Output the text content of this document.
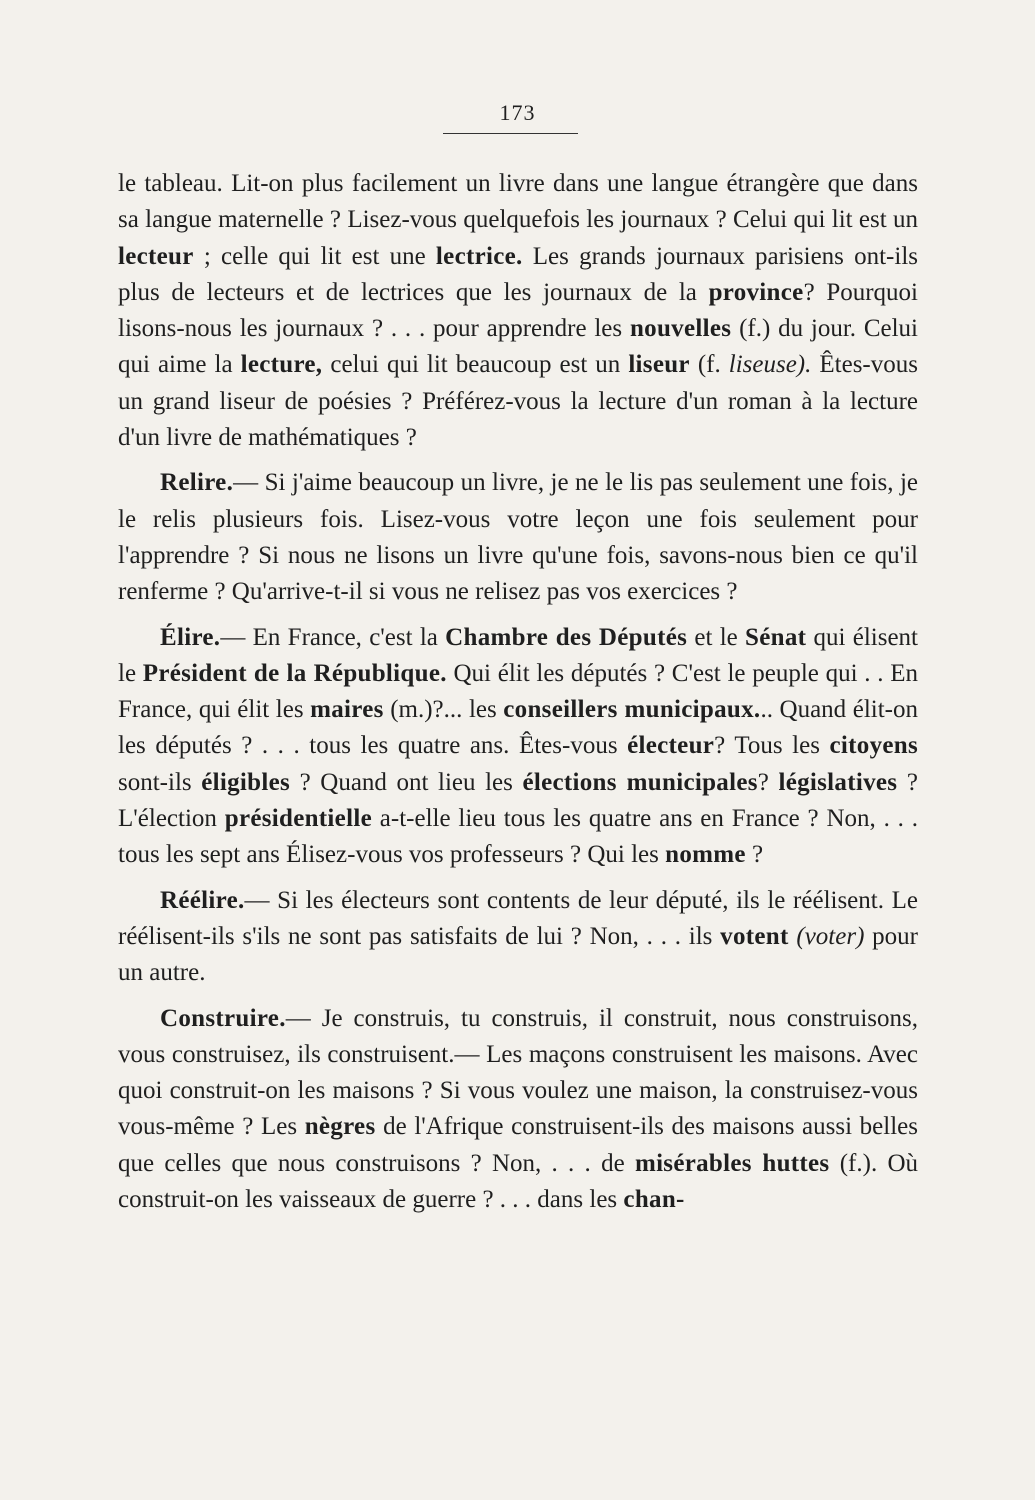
173

le tableau. Lit-on plus facilement un livre dans une langue étrangère que dans sa langue maternelle ? Lisez-vous quelquefois les journaux ? Celui qui lit est un lecteur ; celle qui lit est une lectrice. Les grands journaux parisiens ont-ils plus de lecteurs et de lectrices que les journaux de la province? Pourquoi lisons-nous les journaux ? . . . pour apprendre les nouvelles (f.) du jour. Celui qui aime la lecture, celui qui lit beaucoup est un liseur (f. liseuse). Êtes-vous un grand liseur de poésies ? Préférez-vous la lecture d'un roman à la lecture d'un livre de mathématiques ?

Relire.— Si j'aime beaucoup un livre, je ne le lis pas seulement une fois, je le relis plusieurs fois. Lisez-vous votre leçon une fois seulement pour l'apprendre ? Si nous ne lisons un livre qu'une fois, savons-nous bien ce qu'il renferme ? Qu'arrive-t-il si vous ne relisez pas vos exercices ?

Élire.— En France, c'est la Chambre des Députés et le Sénat qui élisent le Président de la République. Qui élit les députés ? C'est le peuple qui . . En France, qui élit les maires (m.)?... les conseillers municipaux... Quand élit-on les députés ? . . . tous les quatre ans. Êtes-vous électeur? Tous les citoyens sont-ils éligibles ? Quand ont lieu les élections municipales? législatives ? L'élection présidentielle a-t-elle lieu tous les quatre ans en France ? Non, . . . tous les sept ans Élisez-vous vos professeurs ? Qui les nomme ?

Réélire.— Si les électeurs sont contents de leur député, ils le réélisent. Le réélisent-ils s'ils ne sont pas satisfaits de lui ? Non, . . . ils votent (voter) pour un autre.

Construire.— Je construis, tu construis, il construit, nous construisons, vous construisez, ils construisent.— Les maçons construisent les maisons. Avec quoi construit-on les maisons ? Si vous voulez une maison, la construisez-vous vous-même ? Les nègres de l'Afrique construisent-ils des maisons aussi belles que celles que nous construisons ? Non, . . . de misérables huttes (f.). Où construit-on les vaisseaux de guerre ? . . . dans les chan-
